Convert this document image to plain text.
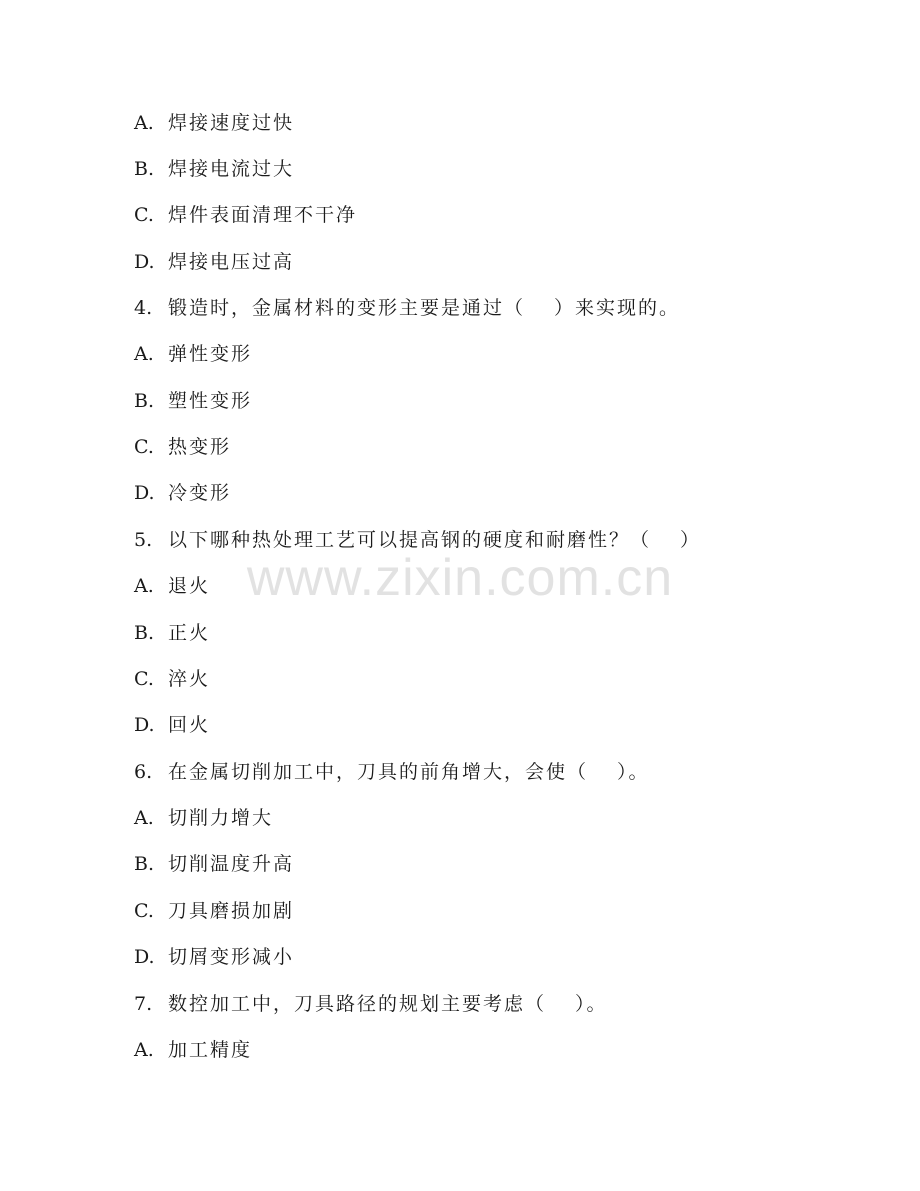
A. 焊接速度过快
B. 焊接电流过大
C. 焊件表面清理不干净
D. 焊接电压过高
4. 锻造时，金属材料的变形主要是通过（　 ）来实现的。
A. 弹性变形
B. 塑性变形
C. 热变形
D. 冷变形
5. 以下哪种热处理工艺可以提高钢的硬度和耐磨性？（　 ）
A. 退火
B. 正火
C. 淬火
D. 回火
6. 在金属切削加工中，刀具的前角增大，会使（　 ）。
A. 切削力增大
B. 切削温度升高
C. 刀具磨损加剧
D. 切屑变形减小
7. 数控加工中，刀具路径的规划主要考虑（　 ）。
A. 加工精度
www.zixin.com.cn
